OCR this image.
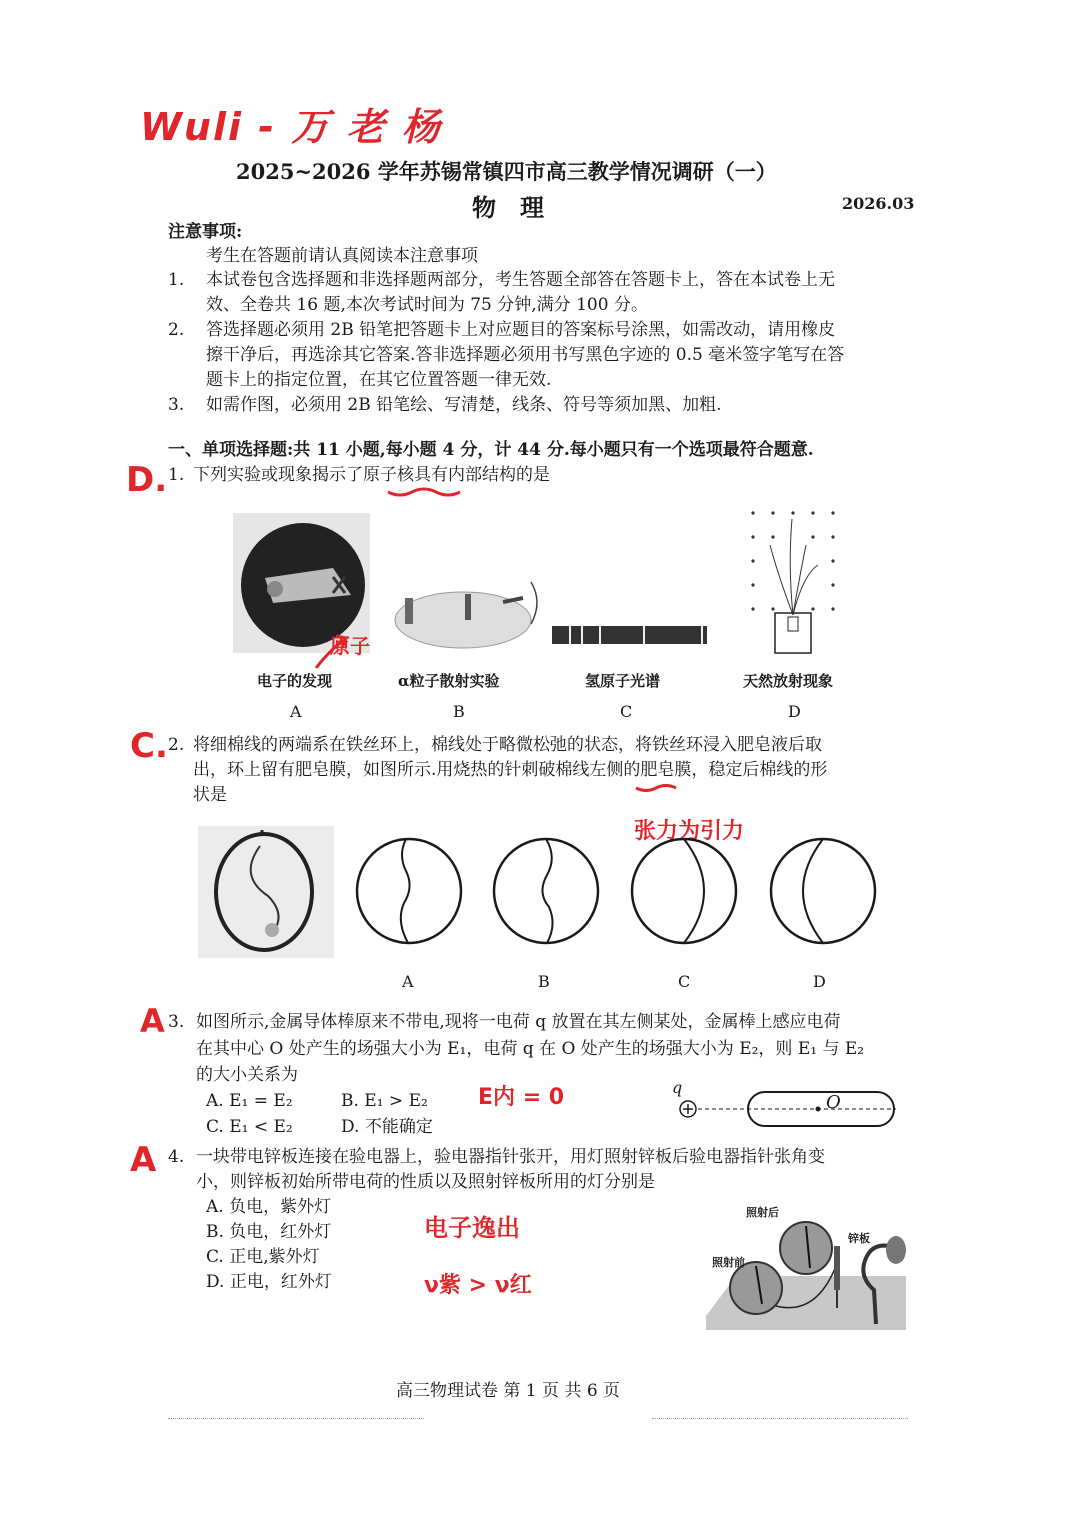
Wuli - 万 老 杨
2025~2026 学年苏锡常镇四市高三教学情况调研（一）
物　理	2026.03
注意事项:
考生在答题前请认真阅读本注意事项
1. 本试卷包含选择题和非选择题两部分，考生答题全部答在答题卡上，答在本试卷上无
效、全卷共 16 题,本次考试时间为 75 分钟,满分 100 分。
2. 答选择题必须用 2B 铅笔把答题卡上对应题目的答案标号涂黑，如需改动，请用橡皮
擦干净后，再选涂其它答案.答非选择题必须用书写黑色字迹的 0.5 毫米签字笔写在答
题卡上的指定位置，在其它位置答题一律无效.
3. 如需作图，必须用 2B 铅笔绘、写清楚，线条、符号等须加黑、加粗.
一、单项选择题:共 11 小题,每小题 4 分，计 44 分.每小题只有一个选项最符合题意.
D. 1. 下列实验或现象揭示了原子核具有内部结构的是
原子
电子的发现	α粒子散射实验	氢原子光谱	天然放射现象
A	B	C	D
C. 2. 将细棉线的两端系在铁丝环上，棉线处于略微松弛的状态，将铁丝环浸入肥皂液后取
出，环上留有肥皂膜，如图所示.用烧热的针刺破棉线左侧的肥皂膜，稳定后棉线的形
状是
张力为引力
A	B	C	D
A 3. 如图所示,金属导体棒原来不带电,现将一电荷 q 放置在其左侧某处，金属棒上感应电荷
在其中心 O 处产生的场强大小为 E₁，电荷 q 在 O 处产生的场强大小为 E₂，则 E₁ 与 E₂
的大小关系为
A. E₁ = E₂	B. E₁ > E₂
C. E₁ < E₂	D. 不能确定
E内 = 0	q
O
A 4. 一块带电锌板连接在验电器上，验电器指针张开，用灯照射锌板后验电器指针张角变
小，则锌板初始所带电荷的性质以及照射锌板所用的灯分别是
A. 负电，紫外灯
B. 负电，红外灯
C. 正电,紫外灯
D. 正电，红外灯
电子逸出
ν紫 > ν红
照射后
锌板
照射前
高三物理试卷 第 1 页 共 6 页
